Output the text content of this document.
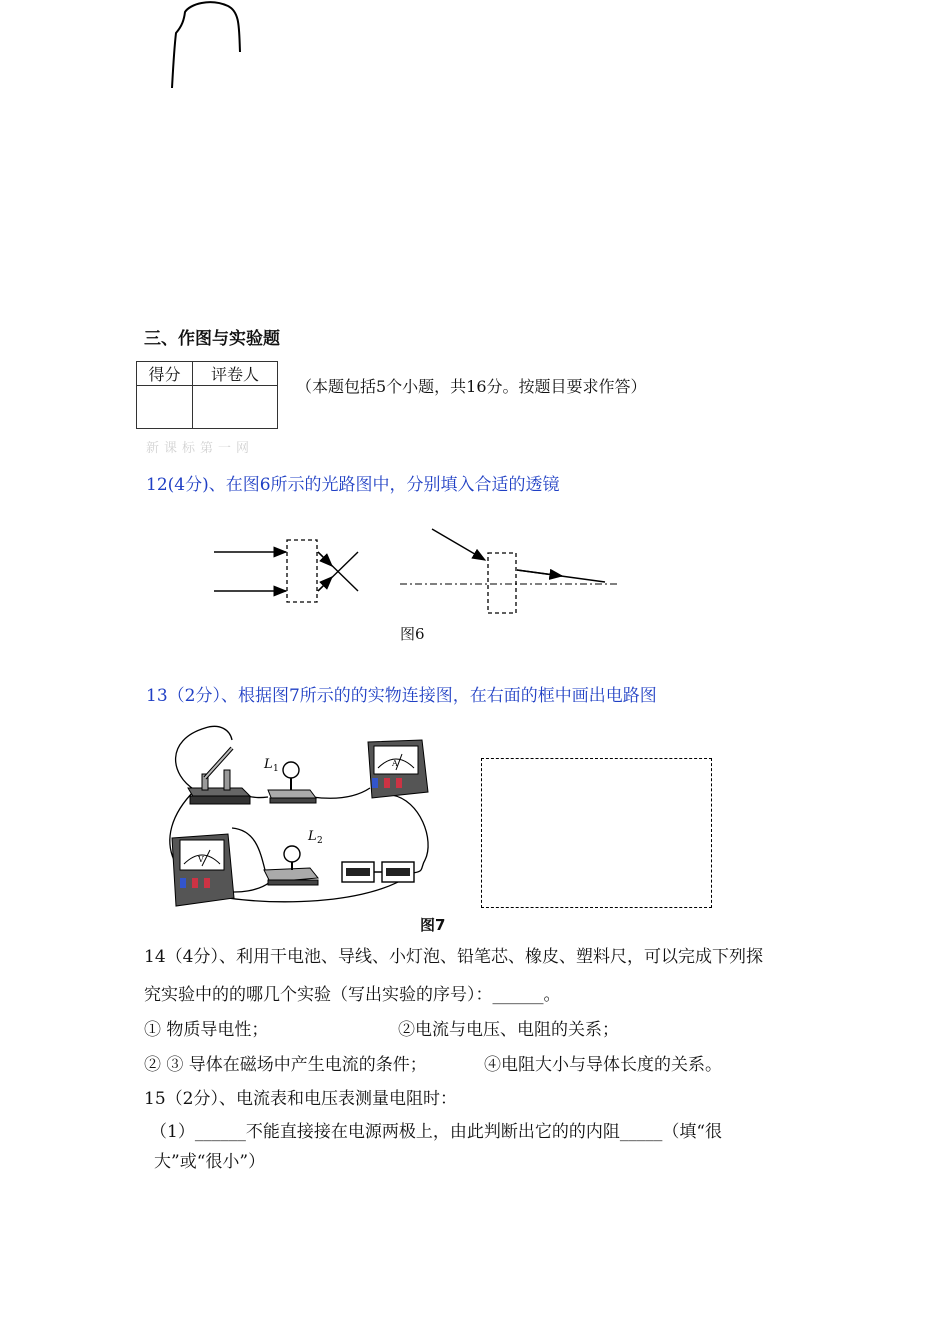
三、作图与实验题
得分	评卷人

（本题包括5个小题，共16分。按题目要求作答）
新课标第一网
12(4分)、在图6所示的光路图中，分别填入合适的透镜
图6
13（2分）、根据图7所示的的实物连接图，在右面的框中画出电路图
L 1
A
V
L 2
图7
14（4分）、利用干电池、导线、小灯泡、铅笔芯、橡皮、塑料尺，可以完成下列探
究实验中的的哪几个实验（写出实验的序号）：______。
① 物质导电性；	②电流与电压、电阻的关系；
② ③ 导体在磁场中产生电流的条件；	④电阻大小与导体长度的关系。
15（2分）、电流表和电压表测量电阻时：
（1）______不能直接接在电源两极上，由此判断出它的的内阻_____（填“很
大”或“很小”）
